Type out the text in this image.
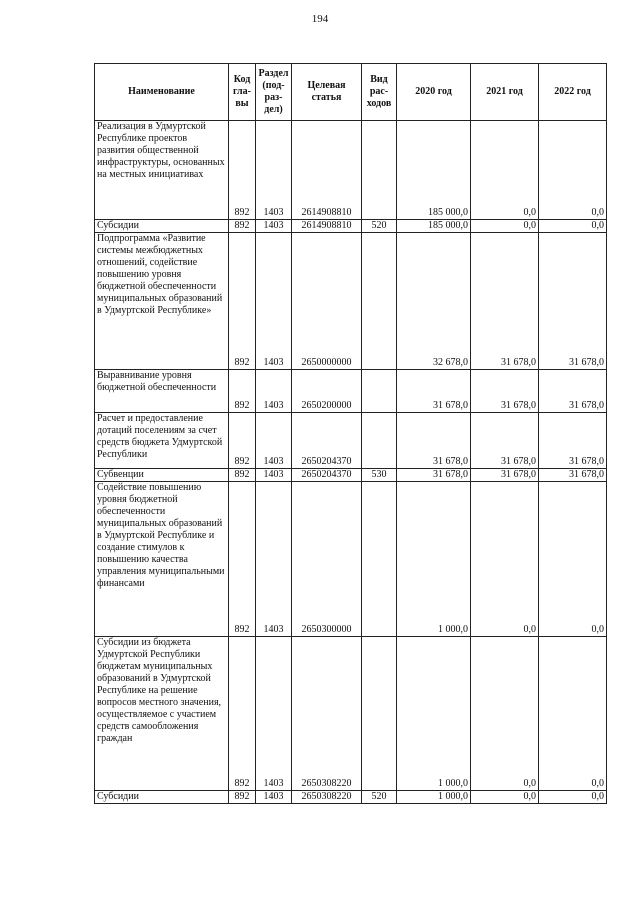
194
Наименование	Код гла- вы	Раздел (под- раз- дел)	Целевая статья	Вид рас- ходов	2020 год	2021 год	2022 год
Реализация в Удмуртской Республике проектов развития общественной инфраструктуры, основанных на местных инициативах	892	1403	2614908810		185 000,0	0,0	0,0
Субсидии	892	1403	2614908810	520	185 000,0	0,0	0,0
Подпрограмма «Развитие системы межбюджетных отношений, содействие повышению уровня бюджетной обеспеченности муниципальных образований в Удмуртской Республике»	892	1403	2650000000		32 678,0	31 678,0	31 678,0
Выравнивание уровня бюджетной обеспеченности	892	1403	2650200000		31 678,0	31 678,0	31 678,0
Расчет и предоставление дотаций поселениям за счет средств бюджета Удмуртской Республики	892	1403	2650204370		31 678,0	31 678,0	31 678,0
Субвенции	892	1403	2650204370	530	31 678,0	31 678,0	31 678,0
Содействие повышению уровня бюджетной обеспеченности муниципальных образований в Удмуртской Республике и создание стимулов к повышению качества управления муниципальными финансами	892	1403	2650300000		1 000,0	0,0	0,0
Субсидии из бюджета Удмуртской Республики бюджетам муниципальных образований в Удмуртской Республике на решение вопросов местного значения, осуществляемое с участием средств самообложения граждан	892	1403	2650308220		1 000,0	0,0	0,0
Субсидии	892	1403	2650308220	520	1 000,0	0,0	0,0
